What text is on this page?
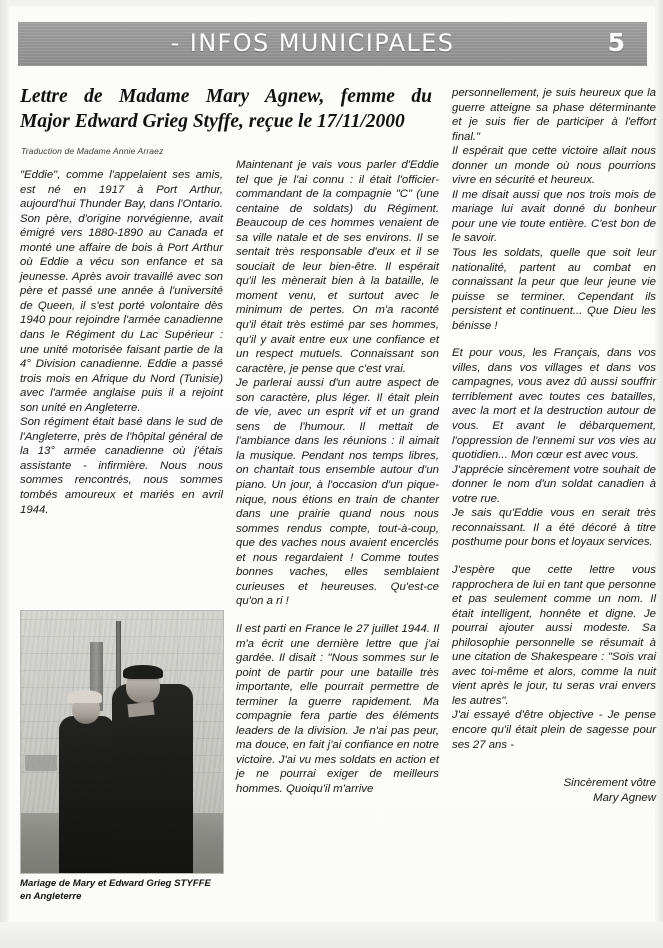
- INFOS MUNICIPALES	5
Lettre de Madame Mary Agnew, femme du
Major Edward Grieg Styffe, reçue le 17/11/2000
Traduction de Madame Annie Arraez

"Eddie", comme l'appelaient ses amis, est né en 1917 à Port Arthur, aujourd'hui Thunder Bay, dans l'Ontario. Son père, d'origine norvégienne, avait émigré vers 1880-1890 au Canada et monté une affaire de bois à Port Arthur où Eddie a vécu son enfance et sa jeunesse. Après avoir travaillé avec son père et passé une année à l'université de Queen, il s'est porté volontaire dès 1940 pour rejoindre l'armée canadienne dans le Régiment du Lac Supérieur : une unité motorisée faisant partie de la 4° Division canadienne. Eddie a passé trois mois en Afrique du Nord (Tunisie) avec l'armée anglaise puis il a rejoint son unité en Angleterre.

Son régiment était basé dans le sud de l'Angleterre, près de l'hôpital général de la 13° armée canadienne où j'étais assistante - infirmière. Nous nous sommes rencontrés, nous sommes tombés amoureux et mariés en avril 1944.

Mariage de Mary et Edward Grieg STYFFE en Angleterre

Maintenant je vais vous parler d'Eddie tel que je l'ai connu : il était l'officier-commandant de la compagnie "C" (une centaine de soldats) du Régiment. Beaucoup de ces hommes venaient de sa ville natale et de ses environs. Il se sentait très responsable d'eux et il se souciait de leur bien-être. Il espérait qu'il les mènerait bien à la bataille, le moment venu, et surtout avec le minimum de pertes. On m'a raconté qu'il était très estimé par ses hommes, qu'il y avait entre eux une confiance et un respect mutuels. Connaissant son caractère, je pense que c'est vrai.

Je parlerai aussi d'un autre aspect de son caractère, plus léger. Il était plein de vie, avec un esprit vif et un grand sens de l'humour. Il mettait de l'ambiance dans les réunions : il aimait la musique. Pendant nos temps libres, on chantait tous ensemble autour d'un piano. Un jour, à l'occasion d'un pique-nique, nous étions en train de chanter dans une prairie quand nous nous sommes rendus compte, tout-à-coup, que des vaches nous avaient encerclés et nous regardaient ! Comme toutes bonnes vaches, elles semblaient curieuses et heureuses. Qu'est-ce qu'on a ri !

Il est parti en France le 27 juillet 1944. Il m'a écrit une dernière lettre que j'ai gardée. Il disait : "Nous sommes sur le point de partir pour une bataille très importante, elle pourrait permettre de terminer la guerre rapidement. Ma compagnie fera partie des éléments leaders de la division. Je n'ai pas peur, ma douce, en fait j'ai confiance en notre victoire. J'ai vu mes soldats en action et je ne pourrai exiger de meilleurs hommes. Quoiqu'il m'arrive

personnellement, je suis heureux que la guerre atteigne sa phase déterminante et je suis fier de participer à l'effort final."

Il espérait que cette victoire allait nous donner un monde où nous pourrions vivre en sécurité et heureux.

Il me disait aussi que nos trois mois de mariage lui avait donné du bonheur pour une vie toute entière. C'est bon de le savoir.

Tous les soldats, quelle que soit leur nationalité, partent au combat en connaissant la peur que leur jeune vie puisse se terminer. Cependant ils persistent et continuent... Que Dieu les bénisse !

Et pour vous, les Français, dans vos villes, dans vos villages et dans vos campagnes, vous avez dû aussi souffrir terriblement avec toutes ces batailles, avec la mort et la destruction autour de vous. Et avant le débarquement, l'oppression de l'ennemi sur vos vies au quotidien... Mon cœur est avec vous.

J'apprécie sincèrement votre souhait de donner le nom d'un soldat canadien à votre rue.

Je sais qu'Eddie vous en serait très reconnaissant. Il a été décoré à titre posthume pour bons et loyaux services.

J'espère que cette lettre vous rapprochera de lui en tant que personne et pas seulement comme un nom. Il était intelligent, honnête et digne. Je pourrai ajouter aussi modeste. Sa philosophie personnelle se résumait à une citation de Shakespeare : "Sois vrai avec toi-même et alors, comme la nuit vient après le jour, tu seras vrai envers les autres".

J'ai essayé d'être objective - Je pense encore qu'il était plein de sagesse pour ses 27 ans -

Sincèrement vôtre
Mary Agnew
